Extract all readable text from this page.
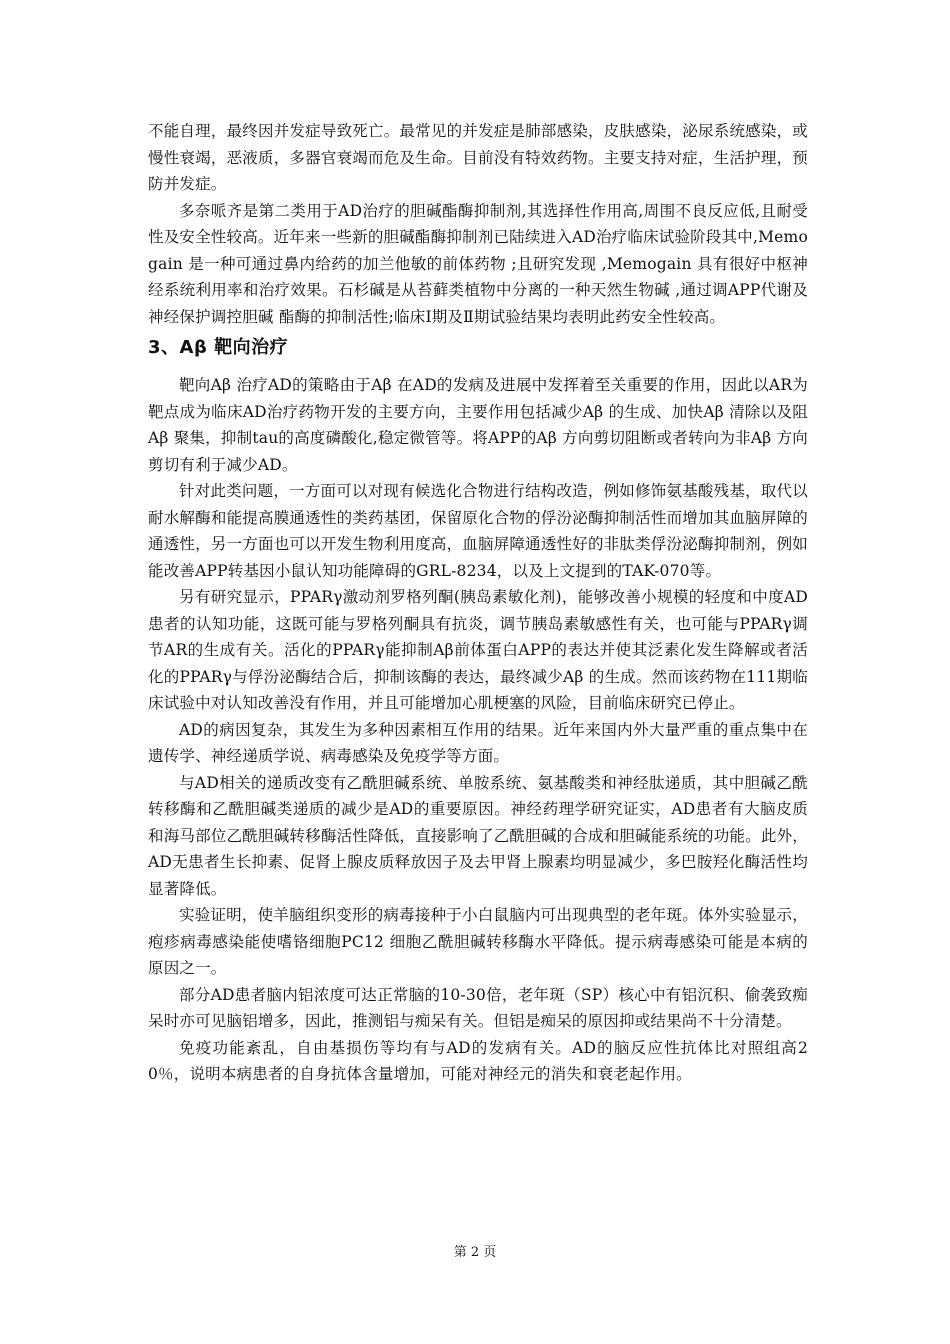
不能自理，最终因并发症导致死亡。最常见的并发症是肺部感染，皮肤感染，泌尿系统感染，或慢性衰竭，恶液质，多器官衰竭而危及生命。目前没有特效药物。主要支持对症，生活护理，预防并发症。

多奈哌齐是第二类用于AD治疗的胆碱酯酶抑制剂,其选择性作用高,周围不良反应低,且耐受性及安全性较高。近年来一些新的胆碱酯酶抑制剂已陆续进入AD治疗临床试验阶段其中,Memogain 是一种可通过鼻内给药的加兰他敏的前体药物 ;且研究发现 ,Memogain 具有很好中枢神经系统利用率和治疗效果。石杉碱是从苔藓类植物中分离的一种天然生物碱 ,通过调APP代谢及神经保护调控胆碱 酯酶的抑制活性;临床Ⅰ期及Ⅱ期试验结果均表明此药安全性较高。

3、Aβ 靶向治疗

靶向Aβ 治疗AD的策略由于Aβ 在AD的发病及进展中发挥着至关重要的作用，因此以AR为靶点成为临床AD治疗药物开发的主要方向，主要作用包括减少Aβ 的生成、加快Aβ 清除以及阻Aβ 聚集，抑制tau的高度磷酸化,稳定微管等。将APP的Aβ 方向剪切阻断或者转向为非Aβ 方向剪切有利于减少AD。

针对此类问题，一方面可以对现有候选化合物进行结构改造，例如修饰氨基酸残基，取代以耐水解酶和能提高膜通透性的类药基团，保留原化合物的俘汾泌酶抑制活性而增加其血脑屏障的通透性，另一方面也可以开发生物利用度高，血脑屏障通透性好的非肽类俘汾泌酶抑制剂，例如能改善APP转基因小鼠认知功能障碍的GRL-8234，以及上文提到的TAK-070等。

另有研究显示，PPARγ激动剂罗格列酮(胰岛素敏化剂)，能够改善小规模的轻度和中度AD 患者的认知功能，这既可能与罗格列酮具有抗炎，调节胰岛素敏感性有关，也可能与PPARγ调节AR的生成有关。活化的PPARγ能抑制Aβ前体蛋白APP的表达并使其泛素化发生降解或者活化的PPARγ与俘汾泌酶结合后，抑制该酶的表达，最终减少Aβ 的生成。然而该药物在111期临床试验中对认知改善没有作用，并且可能增加心肌梗塞的风险，目前临床研究已停止。

AD的病因复杂，其发生为多种因素相互作用的结果。近年来国内外大量严重的重点集中在遗传学、神经递质学说、病毒感染及免疫学等方面。

与AD相关的递质改变有乙酰胆碱系统、单胺系统、氨基酸类和神经肽递质，其中胆碱乙酰转移酶和乙酰胆碱类递质的减少是AD的重要原因。神经药理学研究证实，AD患者有大脑皮质和海马部位乙酰胆碱转移酶活性降低，直接影响了乙酰胆碱的合成和胆碱能系统的功能。此外，AD无患者生长抑素、促肾上腺皮质释放因子及去甲肾上腺素均明显减少，多巴胺羟化酶活性均显著降低。

实验证明，使羊脑组织变形的病毒接种于小白鼠脑内可出现典型的老年斑。体外实验显示，疱疹病毒感染能使嗜铬细胞PC12 细胞乙酰胆碱转移酶水平降低。提示病毒感染可能是本病的原因之一。

部分AD患者脑内铝浓度可达正常脑的10-30倍，老年斑（SP）核心中有铝沉积、偷袭致痴呆时亦可见脑铝增多，因此，推测铝与痴呆有关。但铝是痴呆的原因抑或结果尚不十分清楚。

免疫功能紊乱，自由基损伤等均有与AD的发病有关。AD的脑反应性抗体比对照组高20％，说明本病患者的自身抗体含量增加，可能对神经元的消失和衰老起作用。

第 2 页
